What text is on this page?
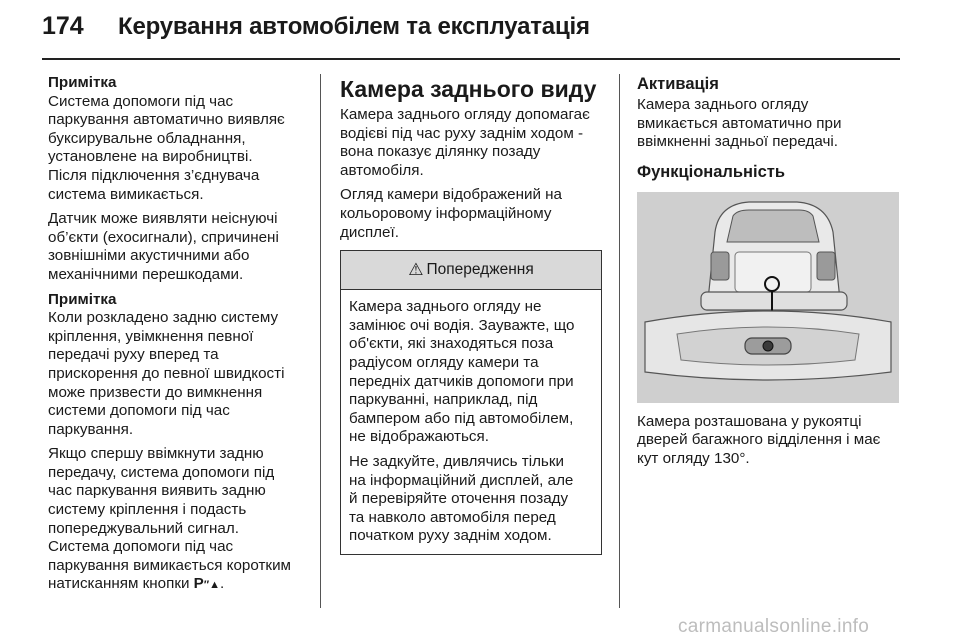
174 Керування автомобілем та експлуатація
Примітка
Система допомоги під час
паркування автоматично виявляє
буксирувальне обладнання,
установлене на виробництві.
Після підключення з’єднувача
система вимикається.

Датчик може виявляти неіснуючі
об’єкти (ехосигнали), спричинені
зовнішніми акустичними або
механічними перешкодами.

Примітка
Коли розкладено задню систему
кріплення, увімкнення певної
передачі руху вперед та
прискорення до певної швидкості
може призвести до вимкнення
системи допомоги під час
паркування.

Якщо спершу ввімкнути задню
передачу, система допомоги під
час паркування виявить задню
систему кріплення і подасть
попереджувальний сигнал.
Система допомоги під час
паркування вимикається коротким
натисканням кнопки P″▲.

Камера заднього виду

Камера заднього огляду допомагає
водієві під час руху заднім ходом -
вона показує ділянку позаду
автомобіля.

Огляд камери відображений на
кольоровому інформаційному
дисплеї.

⚠ Попередження

Камера заднього огляду не
замінює очі водія. Зауважте, що
об'єкти, які знаходяться поза
радіусом огляду камери та
передніх датчиків допомоги при
паркуванні, наприклад, під
бампером або під автомобілем,
не відображаються.

Не задкуйте, дивлячись тільки
на інформаційний дисплей, але
й перевіряйте оточення позаду
та навколо автомобіля перед
початком руху заднім ходом.

Активація

Камера заднього огляду
вмикається автоматично при
ввімкненні задньої передачі.

Функціональність

Камера розташована у рукоятці
дверей багажного відділення і має
кут огляду 130°.

carmanualsonline.info
